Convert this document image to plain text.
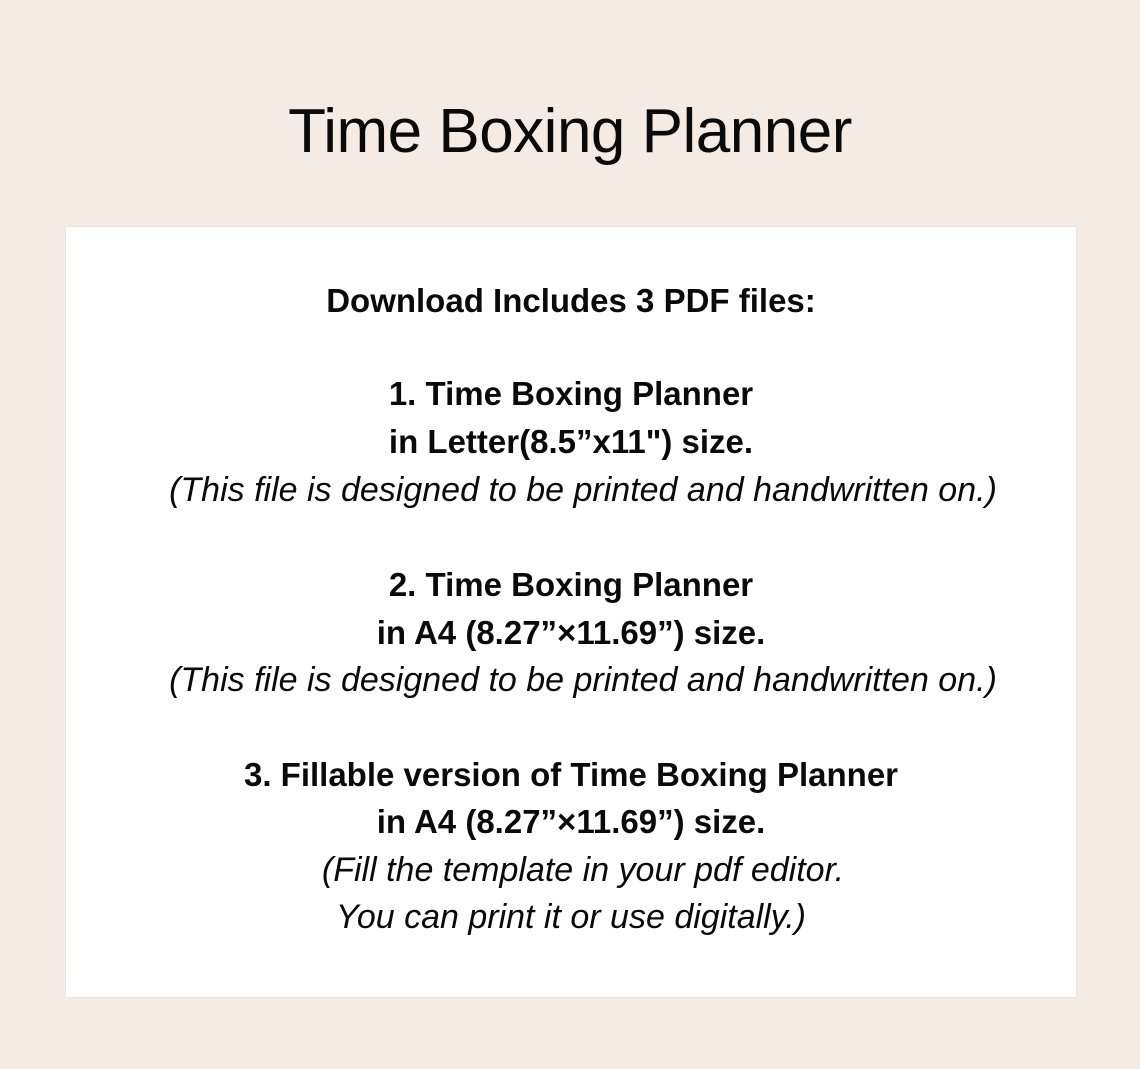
Time Boxing Planner
Download Includes 3 PDF files:
1. Time Boxing Planner
in Letter(8.5”x11") size.
(This file is designed to be printed and handwritten on.)
2. Time Boxing Planner
in A4 (8.27”×11.69”) size.
(This file is designed to be printed and handwritten on.)
3. Fillable version of Time Boxing Planner
in A4 (8.27”×11.69”) size.
(Fill the template in your pdf editor.
You can print it or use digitally.)
